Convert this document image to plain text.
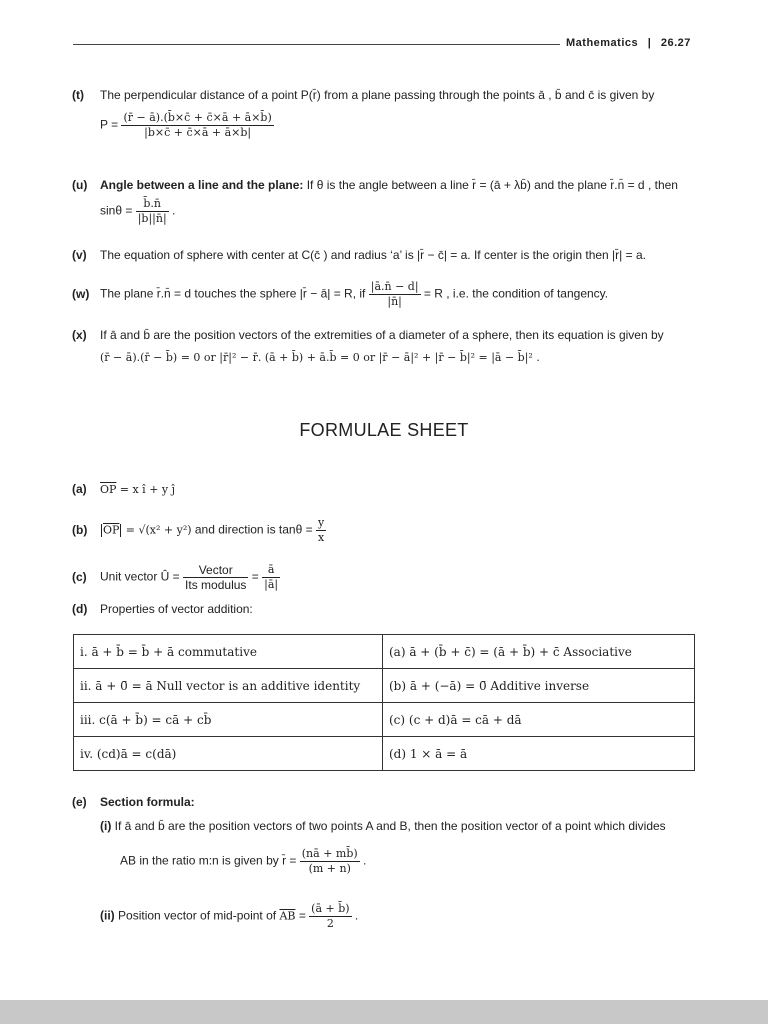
Mathematics | 26.27
(t) The perpendicular distance of a point P(r̄) from a plane passing through the points ā , b̄ and c̄ is given by
$P = \frac{(r̄ - ā).(b̄\times c̄ + c̄\times ā + ā\times b̄)}{|b̄\times c̄ + c̄\times ā + ā\times b̄|}$
(u) Angle between a line and the plane: If θ is the angle between a line r̄ = (ā + λb̄) and the plane r̄.n̄ = d , then
$\sin\theta = \frac{b̄.n̄}{|b̄||n̄|}$ .
(v) The equation of sphere with center at C(c̄ ) and radius ‘a’ is |r̄ − c̄| = a. If center is the origin then |r̄| = a.
(w) The plane r̄.n̄ = d touches the sphere |r̄ − ā| = R, if $\frac{|ā.n̄ - d|}{|n̄|} = R$ , i.e. the condition of tangency.
(x) If ā and b̄ are the position vectors of the extremities of a diameter of a sphere, then its equation is given by
(r̄ − ā).(r̄ − b̄) = 0 or |r̄|² − r̄. (ā + b̄) + ā.b̄ = 0 or |r̄ − ā|² + |r̄ − b̄|² = |ā − b̄|² .
FORMULAE SHEET
(a) $\overline{OP} = x$ î + y ĵ
(b) $\overline{OP} = √(x^2 + y^2)$ and direction is $\tan\theta = \frac{y}{x}$
(c) Unit vector Û = $\frac{\text{Vector}}{\text{Its modulus}} = \frac{ā}{|ā|}$
(d) Properties of vector addition:
i. ā + b̄ = b̄ + ā commutative	(a) ā + (b̄ + c̄) = (ā + b̄) + c̄ Associative
ii. ā + 0̄ = ā Null vector is an additive identity	(b) ā + (−ā) = 0̄ Additive inverse
iii. c(ā + b̄) = cā + cb̄	(c) (c + d)ā = cā + dā
iv. (cd)ā = c(dā)	(d) 1 × ā = ā
(e) Section formula:
(i) If ā and b̄ are the position vectors of two points A and B, then the position vector of a point which divides
AB in the ratio m:n is given by r̄ = $\frac{(nā + mb̄)}{(m + n)}$ .
(ii) Position vector of mid-point of $\overline{AB} = \frac{(ā + b̄)}{2}$ .
